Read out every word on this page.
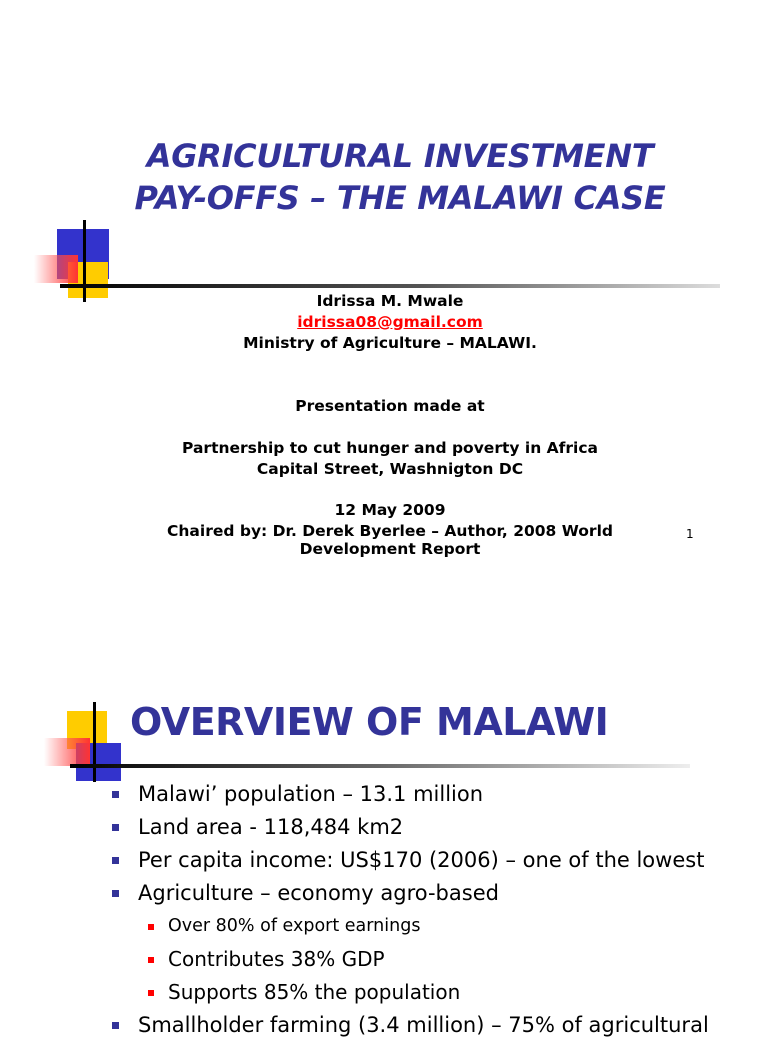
AGRICULTURAL INVESTMENT
PAY-OFFS – THE MALAWI CASE
Idrissa M. Mwale
idrissa08@gmail.com
Ministry of Agriculture – MALAWI.
Presentation made at
Partnership to cut hunger and poverty in Africa
Capital Street, Washnigton DC
12 May 2009
Chaired by: Dr. Derek Byerlee – Author, 2008 World
Development Report
1
OVERVIEW OF MALAWI
Malawi’ population – 13.1 million
Land area - 118,484 km2
Per capita income: US$170 (2006) – one of the lowest
Agriculture – economy agro-based
Over 80% of export earnings
Contributes 38% GDP
Supports 85% the population
Smallholder farming (3.4 million) – 75% of agricultural
